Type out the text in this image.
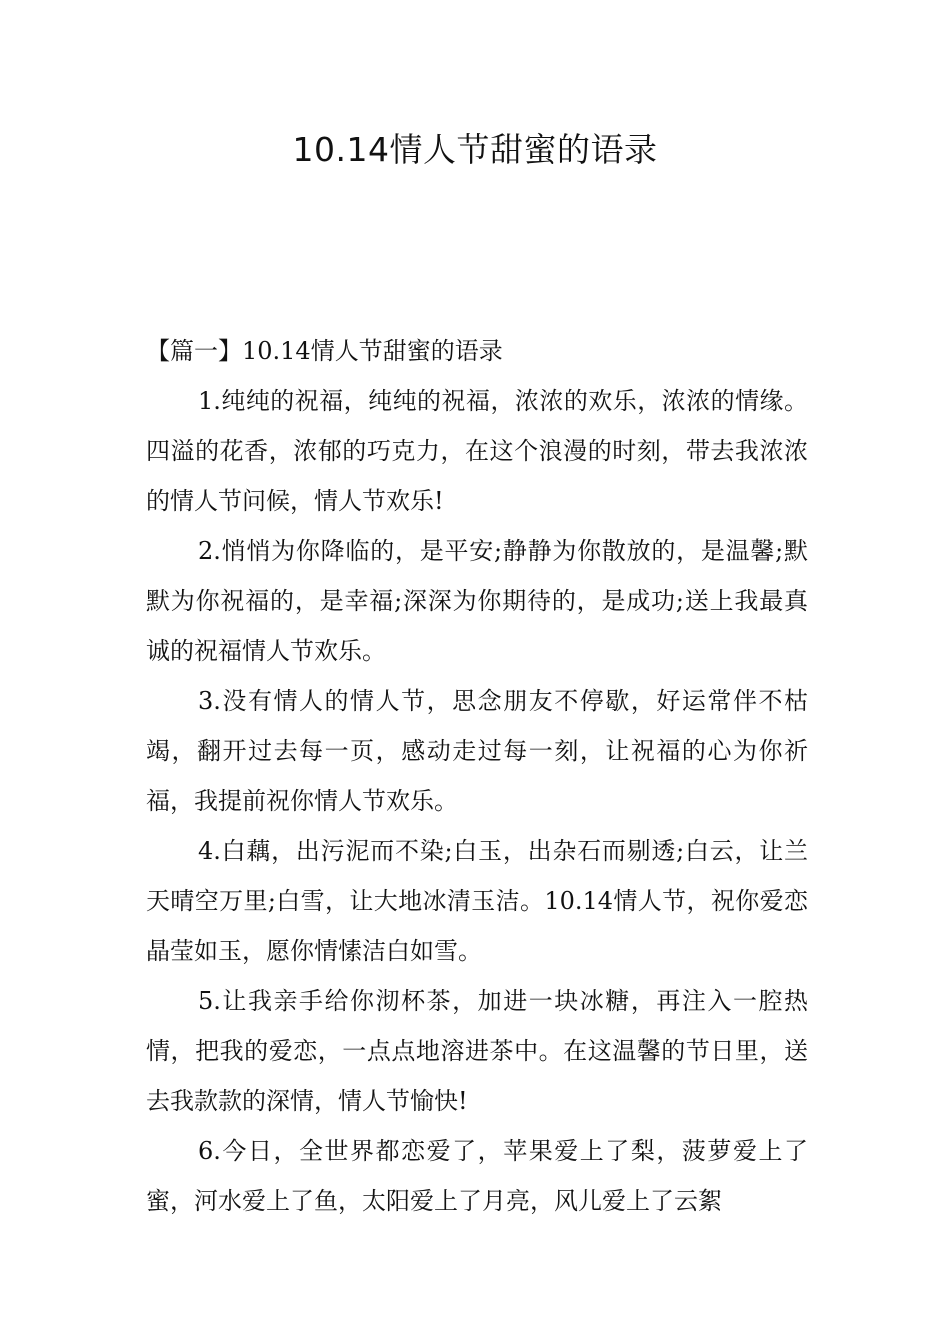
10.14情人节甜蜜的语录

【篇一】10.14情人节甜蜜的语录

1.纯纯的祝福，纯纯的祝福，浓浓的欢乐，浓浓的情缘。四溢的花香，浓郁的巧克力，在这个浪漫的时刻，带去我浓浓的情人节问候，情人节欢乐!

2.悄悄为你降临的，是平安;静静为你散放的，是温馨;默默为你祝福的，是幸福;深深为你期待的，是成功;送上我最真诚的祝福情人节欢乐。

3.没有情人的情人节，思念朋友不停歇，好运常伴不枯竭，翻开过去每一页，感动走过每一刻，让祝福的心为你祈福，我提前祝你情人节欢乐。

4.白藕，出污泥而不染;白玉，出杂石而剔透;白云，让兰天晴空万里;白雪，让大地冰清玉洁。10.14情人节，祝你爱恋晶莹如玉，愿你情愫洁白如雪。

5.让我亲手给你沏杯茶，加进一块冰糖，再注入一腔热情，把我的爱恋，一点点地溶进茶中。在这温馨的节日里，送去我款款的深情，情人节愉快!

6.今日，全世界都恋爱了，苹果爱上了梨，菠萝爱上了蜜，河水爱上了鱼，太阳爱上了月亮，风儿爱上了云絮
